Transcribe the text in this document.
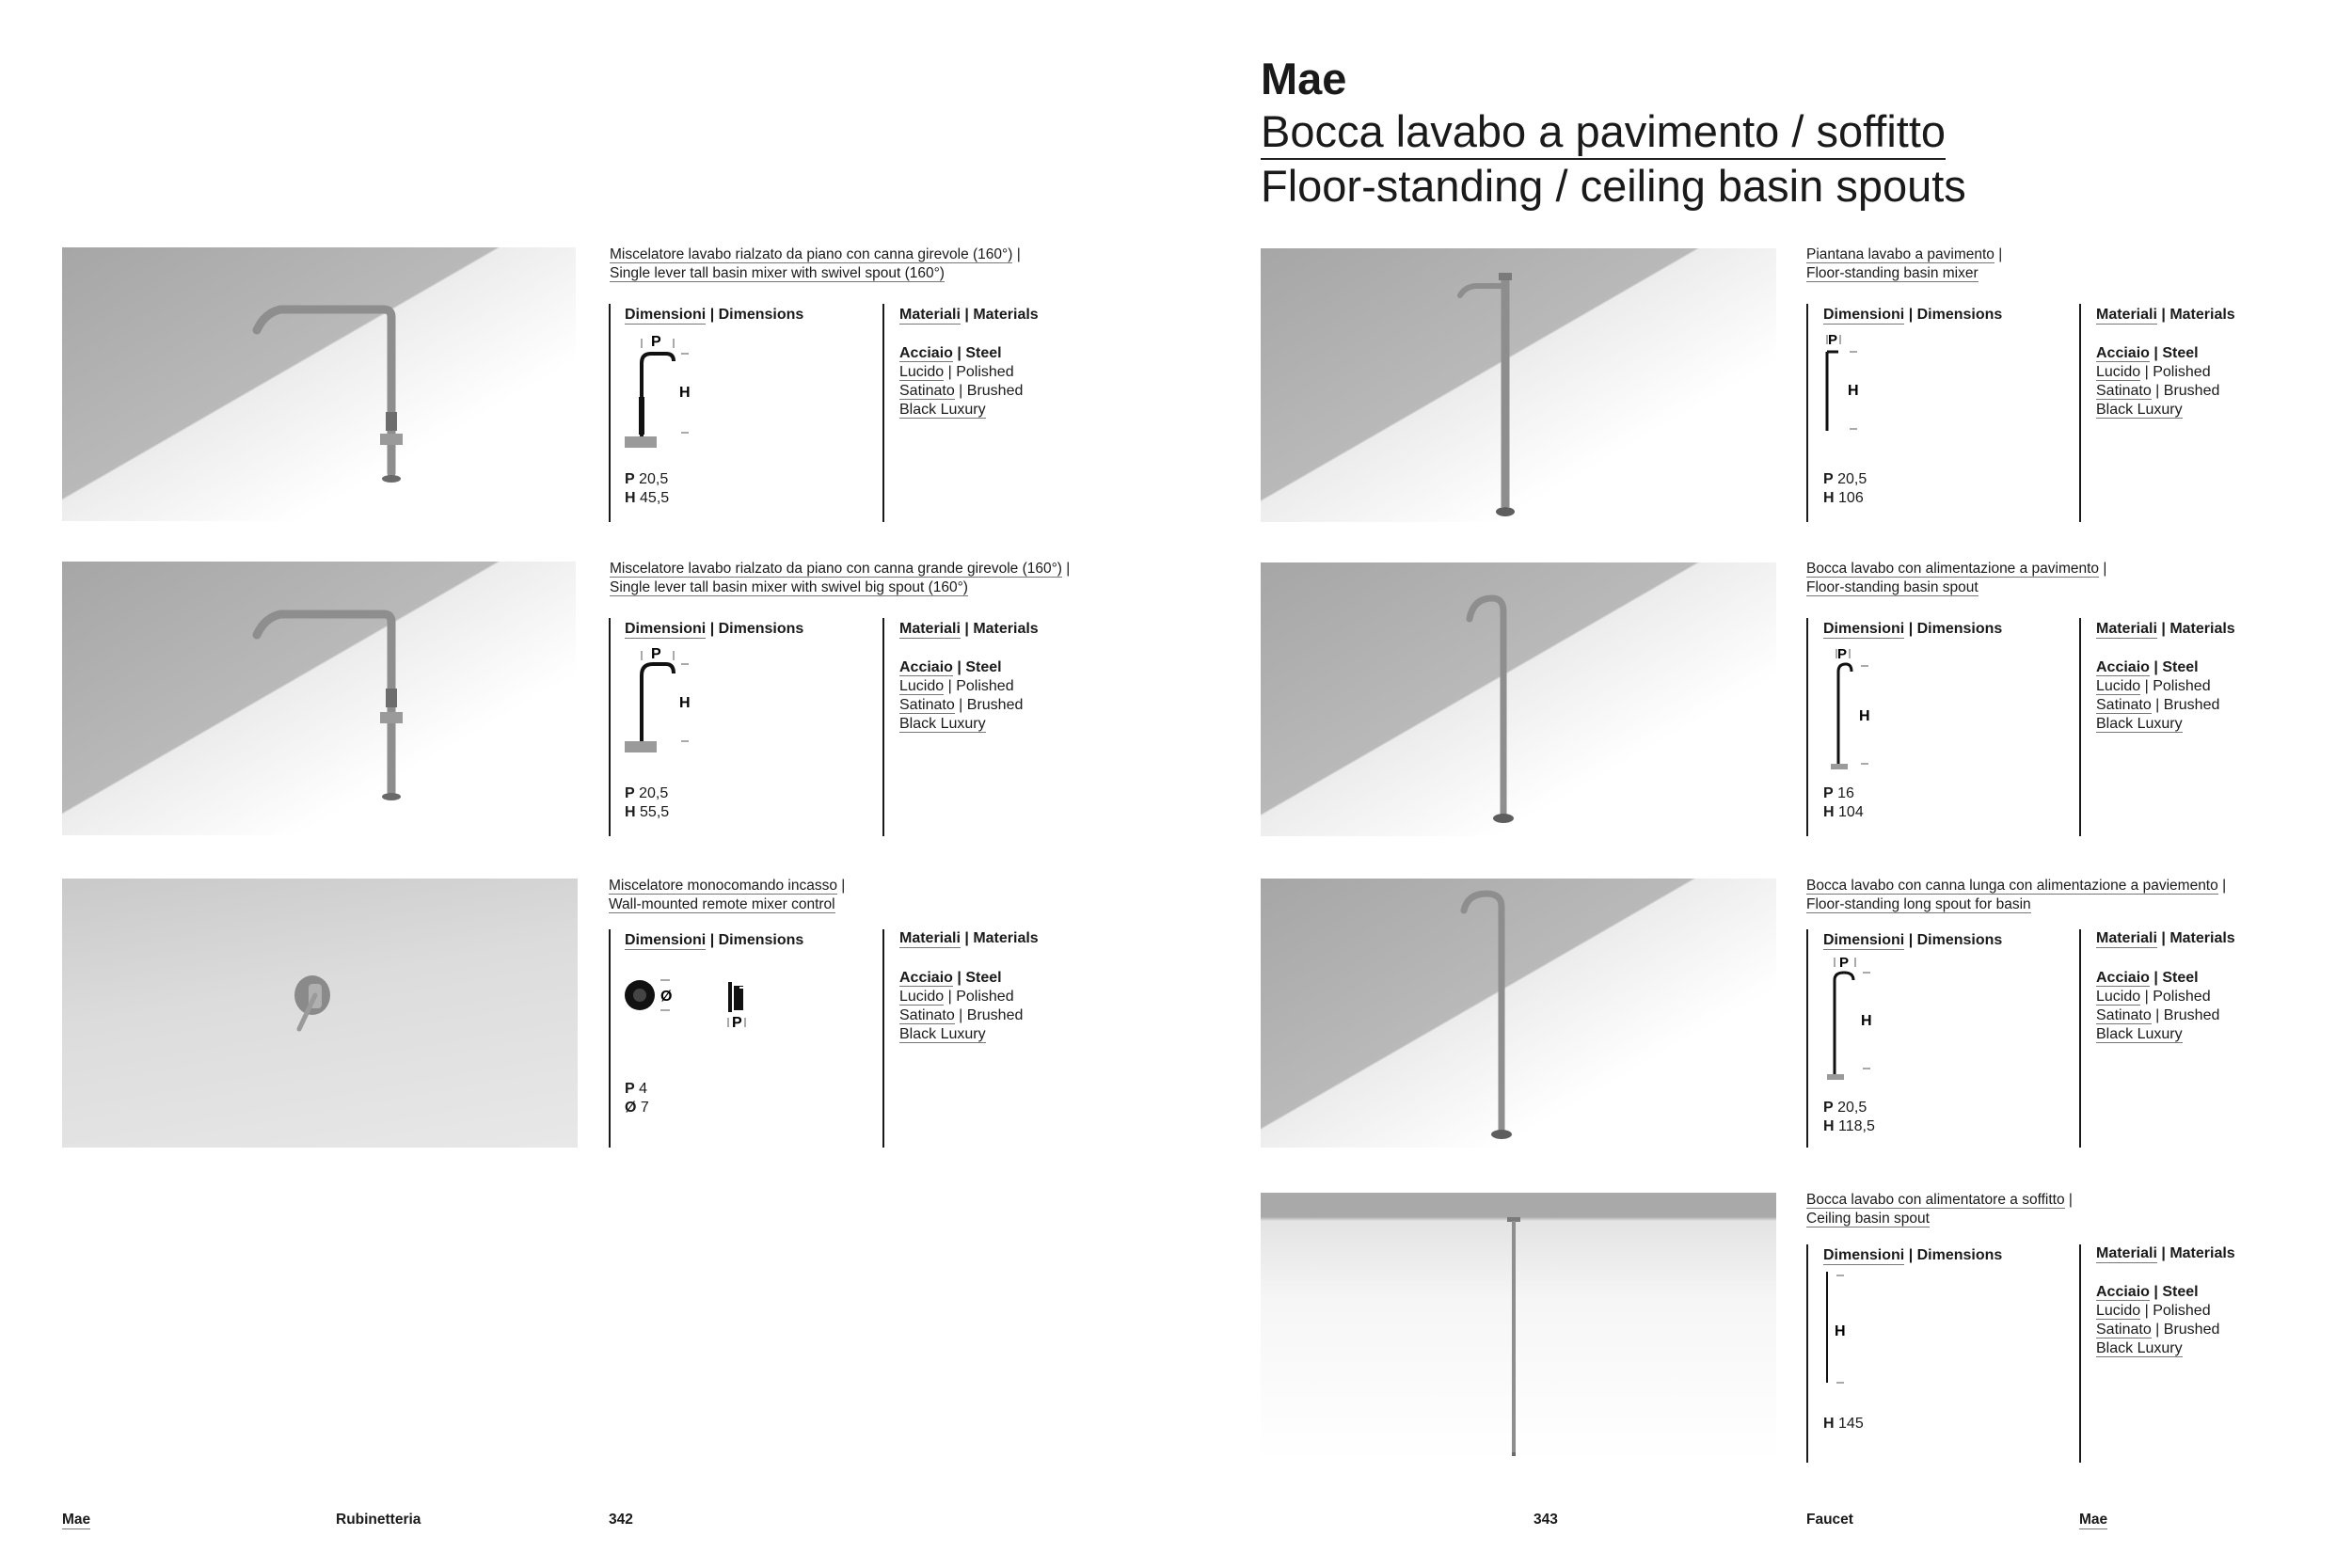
Mae
Bocca lavabo a pavimento / soffitto
Floor-standing / ceiling basin spouts
Miscelatore lavabo rialzato da piano con canna girevole (160°) |
Single lever tall basin mixer with swivel spout (160°)
Dimensioni | Dimensions
P
H
P 20,5
H 45,5
Materiali | Materials
Acciaio | Steel
Lucido | Polished
Satinato | Brushed
Black Luxury
Miscelatore lavabo rialzato da piano con canna grande girevole (160°) |
Single lever tall basin mixer with swivel big spout (160°)
Dimensioni | Dimensions
P
H
P 20,5
H 55,5
Materiali | Materials
Acciaio | Steel
Lucido | Polished
Satinato | Brushed
Black Luxury
Miscelatore monocomando incasso |
Wall-mounted remote mixer control
Dimensioni | Dimensions
Ø
P
P 4
Ø 7
Materiali | Materials
Acciaio | Steel
Lucido | Polished
Satinato | Brushed
Black Luxury
Piantana lavabo a pavimento |
Floor-standing basin mixer
Dimensioni | Dimensions
P
H
P 20,5
H 106
Materiali | Materials
Acciaio | Steel
Lucido | Polished
Satinato | Brushed
Black Luxury
Bocca lavabo con alimentazione a pavimento |
Floor-standing basin spout
Dimensioni | Dimensions
P
H
P 16
H 104
Materiali | Materials
Acciaio | Steel
Lucido | Polished
Satinato | Brushed
Black Luxury
Bocca lavabo con canna lunga con alimentazione a paviemento |
Floor-standing long spout for basin
Dimensioni | Dimensions
P
H
P 20,5
H 118,5
Materiali | Materials
Acciaio | Steel
Lucido | Polished
Satinato | Brushed
Black Luxury
Bocca lavabo con alimentatore a soffitto |
Ceiling basin spout
Dimensioni | Dimensions
H
H 145
Materiali | Materials
Acciaio | Steel
Lucido | Polished
Satinato | Brushed
Black Luxury
Mae	Rubinetteria	342	343	Faucet	Mae
